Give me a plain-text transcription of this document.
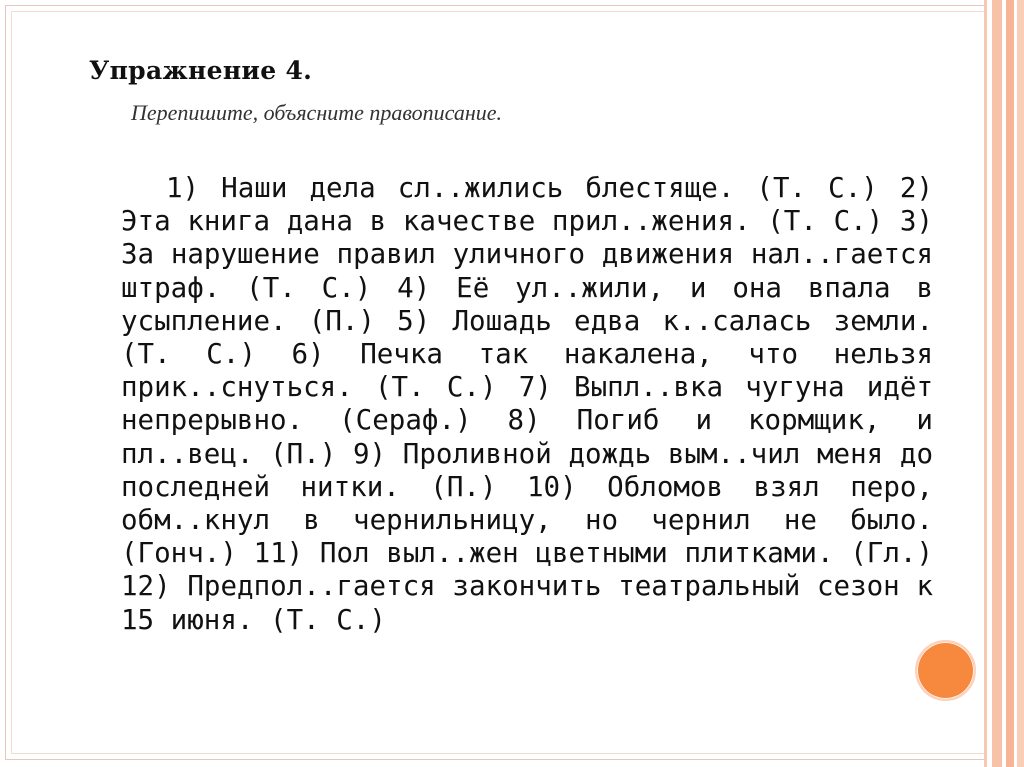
Упражнение 4.
Перепишите, объясните правописание.

1) Наши дела сл..жились блестяще. (Т. С.) 2) Эта книга дана в качестве прил..жения. (Т. С.) 3) За нарушение правил уличного движения нал..гается штраф. (Т. С.) 4) Её ул..жили, и она впала в усыпление. (П.) 5) Лошадь едва к..салась земли. (Т. С.) 6) Печка так накалена, что нельзя прик..снуться. (Т. С.) 7) Выпл..вка чугуна идёт непрерывно. (Сераф.) 8) Погиб и кормщик, и пл..вец. (П.) 9) Проливной дождь вым..чил меня до последней нитки. (П.) 10) Обломов взял перо, обм..кнул в чернильницу, но чернил не было. (Гонч.) 11) Пол выл..жен цветными плитками. (Гл.) 12) Предпол..гается закончить театральный сезон к 15 июня. (Т. С.)
